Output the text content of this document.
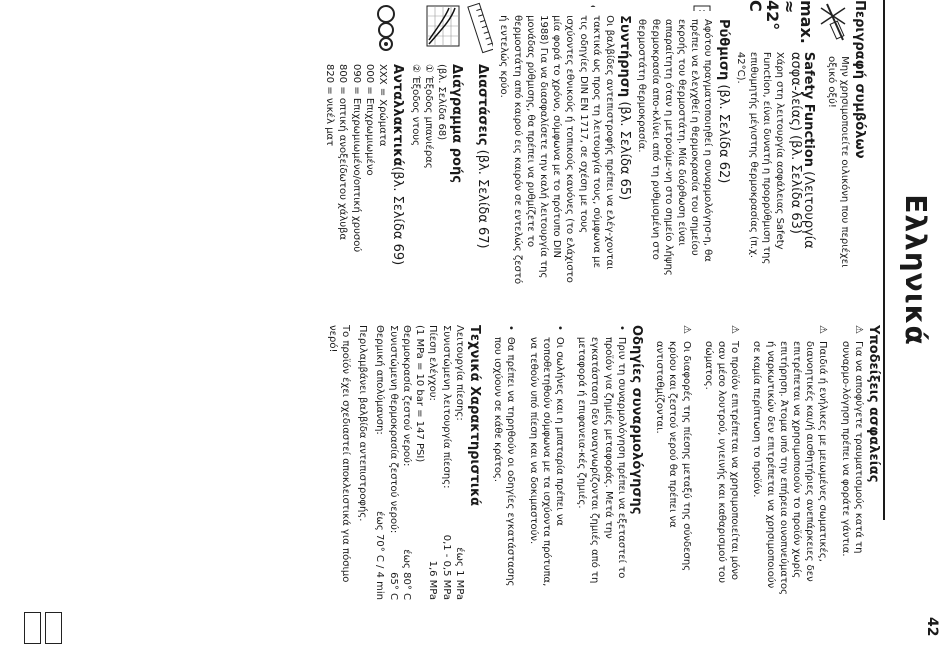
42
Ελληνικά
Περιγραφή συμβόλων

Μην χρησιμοποιείτε οιλικόνη που περιέχει οξικό οξύ!

max.
≈ 42° C
Safety Function (Λειτουργία ασφα-λείας) (βλ. Σελίδα 63)

Χάρη στη λειτουργία ασφάλειας Safety Function, είναι δυνατή η προρρύθμιση της επιθυμητής μέγιστης θερμοκρασίας (π.χ. 42°C).

Ρύθμιση (βλ. Σελίδα 62)

Αφότου πραγματοποιηθεί η συναρμολόγησ-η, θα πρέπει να ελεγχθεί η θερμοκρασία του σημείου εκροής του θερμοστάτη. Μία διόρθωση είναι απαραίτητη όταν η μετρούμε-νη στο σημείο λήψης θερμοκρασία απο-κλίνει από τη ρυθμισμένη στο θερμοστάτη θερμοκρασία.

Συντήρηση (βλ. Σελίδα 65)

Οι βαλβίδες αντεπιστροφής πρέπει να ελέγ-χονται τακτικά ως προς τη λειτουργία τους, σύμφωνα με τις οδηγίες DIN EN 1717, σε σχέση με τους ισχύοντες εθνικούς ή τοπικούς κανόνες (το ελάχιστο μία φορά το χρόνο, σύμφωνα με το πρότυπο DIN 1988) Για να διασφαλίσετε την καλή λειτουργία της μονάδας ρύθμισης, θα πρέπει να ρυθμίζετε το θερμοστάτη από καιρού εις καιρόν σε εντελώς ζεστό ή εντελώς κρύο.

Διαστάσεις (βλ. Σελίδα 67)
Διάγραμμα ροής
(βλ. Σελίδα 68)
① Έξοδος μπανιέρας
② Έξοδος ντους
Ανταλλακτικά(βλ. Σελίδα 69)
XXX = Χρώματα
000 = Επιχρωμιωμένο
090 = Επιχρωμιωμένο/οπτική χρυσού
800 = οπτική ανοξείδωτου χάλυβα
820 = νικέλ ματ
Υποδείξεις ασφαλείας
⚠

Για να αποφύγετε τραυματισμούς κατά τη συναρμο-λόγηση πρέπει να φοράτε γάντια.

⚠

Παιδιά ή ενήλικες με μειωμένες σωματικές, διανοητικές και/ή αισθητήριες ανεπάρκειες δεν επιτρέπεται να χρησιμοποιούν το προϊόν χωρίς επιτήρηση. Άτομα υπό την επήρεια οινοπνεύματος ή ναρκωτικών δεν επιτρέπεται να χρησιμοποιούν σε καμία περίπτωση το προϊόν.

⚠

Το προϊόν επιτρέπεται να χρησιμοποιείται μόνο σαν μέσο λουτρού, υγιεινής και καθαρισμού του σώματος.

⚠

Οι διαφορές της πίεσης μεταξύ της σύνδεσης κρύου και ζεστού νερού θα πρέπει να αντισταθμίζονται.

Οδηγίες συναρμολόγησης
•

Πριν τη συναρμολόγηση πρέπει να εξεταστεί το προϊόν για ζημιές μεταφοράς. Μετά την εγκατάσταση δεν αναγνωρίζονται ζημιές από τη μεταφορά ή επιφανεια-κές ζημιές.

•

Οι σωλήνες και η μπαταρία πρέπει να τοποθετηθούν σύμφωνα με τα ισχύοντα πρότυπα, να τεθούν υπό πίεση και να δοκιμαστούν.

•

Θα πρέπει να τηρηθούν οι οδηγίες εγκατάστασης που ισχύουν σε κάθε κράτος.

Τεχνικά Χαρακτηριστικά
Λειτουργία πίεσης:
έως 1 MPa
Συνιστώμενη λειτουργία πίεσης:
0,1 - 0,5 MPa
Πίεση ελέγχου:
1,6 MPa
(1 MPa = 10 bar = 147 PSI)
Θερμοκρασία ζεστού νερού:
έως 80° C
Συνιστώμενη θερμοκρασία ζεστού νερού:
65° C
Θερμική απολύμανση:
έως 70° C / 4 min

Περιλαμβάνει βαλβίδα αντεπιστροφής.

Το προϊόν έχει σχεδιαστεί αποκλειστικά για πόσιμο νερό!
